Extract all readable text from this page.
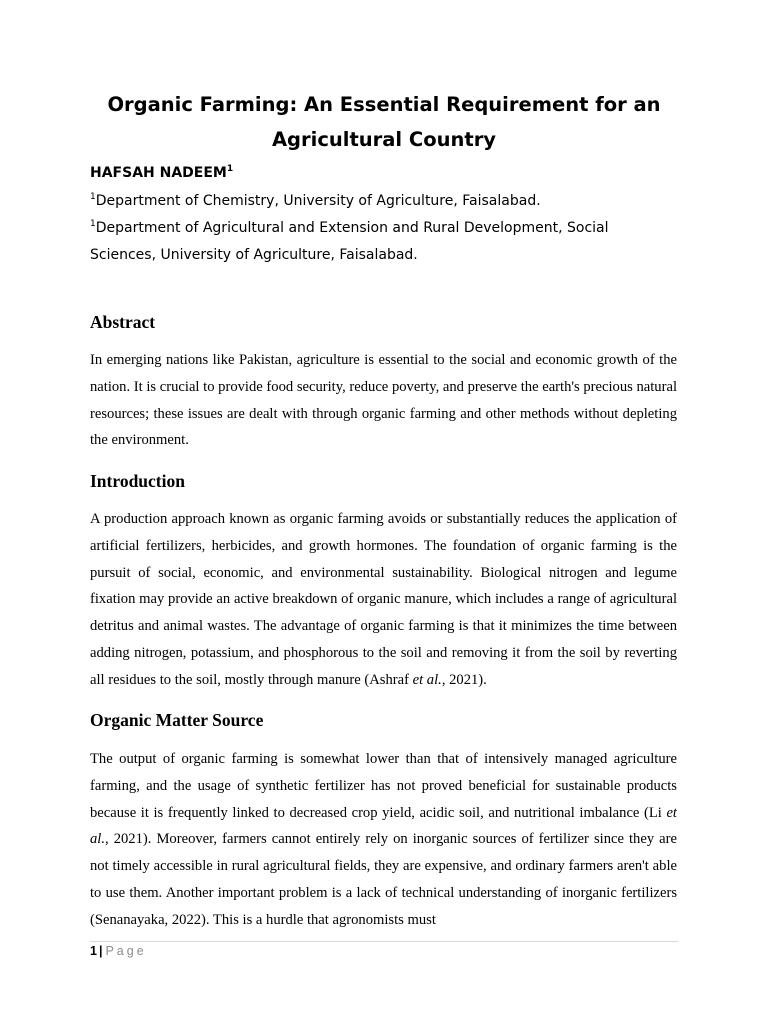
Organic Farming: An Essential Requirement for an Agricultural Country
HAFSAH NADEEM$^1$
$^1$Department of Chemistry, University of Agriculture, Faisalabad.
$^1$Department of Agricultural and Extension and Rural Development, Social Sciences, University of Agriculture, Faisalabad.
Abstract

In emerging nations like Pakistan, agriculture is essential to the social and economic growth of the nation. It is crucial to provide food security, reduce poverty, and preserve the earth's precious natural resources; these issues are dealt with through organic farming and other methods without depleting the environment.

Introduction

A production approach known as organic farming avoids or substantially reduces the application of artificial fertilizers, herbicides, and growth hormones. The foundation of organic farming is the pursuit of social, economic, and environmental sustainability. Biological nitrogen and legume fixation may provide an active breakdown of organic manure, which includes a range of agricultural detritus and animal wastes. The advantage of organic farming is that it minimizes the time between adding nitrogen, potassium, and phosphorous to the soil and removing it from the soil by reverting all residues to the soil, mostly through manure (Ashraf et al., 2021).

Organic Matter Source

The output of organic farming is somewhat lower than that of intensively managed agriculture farming, and the usage of synthetic fertilizer has not proved beneficial for sustainable products because it is frequently linked to decreased crop yield, acidic soil, and nutritional imbalance (Li et al., 2021). Moreover, farmers cannot entirely rely on inorganic sources of fertilizer since they are not timely accessible in rural agricultural fields, they are expensive, and ordinary farmers aren't able to use them. Another important problem is a lack of technical understanding of inorganic fertilizers (Senanayaka, 2022). This is a hurdle that agronomists must

1 | Page
